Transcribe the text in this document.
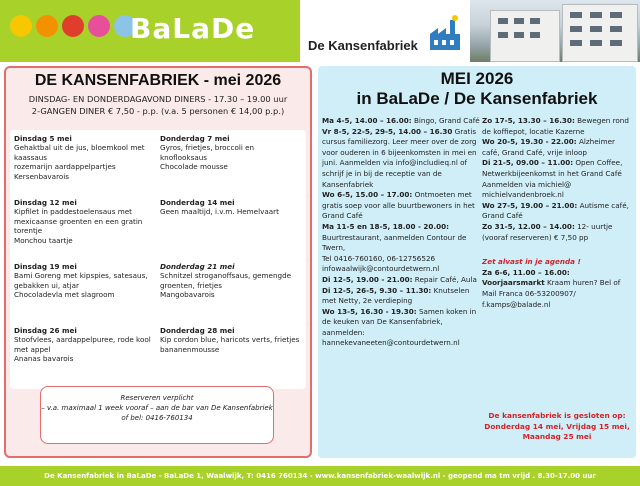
BaLaDe
De Kansenfabriek
DE KANSENFABRIEK - mei 2026
DINSDAG- EN DONDERDAGAVOND DINERS - 17.30 – 19.00 uur
2-GANGEN DINER € 7,50 - p.p. (v.a. 5 personen € 14,00 p.p.)
Dinsdag 5 mei
Gehaktbal uit de jus, bloemkool met kaassaus
rozemarijn aardappelpartjes
Kersenbavarois
Donderdag 7 mei
Gyros, frietjes, broccoli en knoflooksaus
Chocolade mousse
Dinsdag 12 mei
Kipfilet in paddestoelensaus met mexicaanse groenten en een gratin torentje
Monchou taartje
Donderdag 14 mei
Geen maaltijd, i.v.m. Hemelvaart
Dinsdag 19 mei
Bami Goreng met kipspies, satesaus, gebakken ui, atjar
Chocoladevla met slagroom
Donderdag 21 mei
Schnitzel stroganoffsaus, gemengde groenten, frietjes
Mangobavarois
Dinsdag 26 mei
Stoofvlees, aardappelpuree, rode kool met appel
Ananas bavarois
Donderdag 28 mei
Kip cordon blue, haricots verts, frietjes
bananenmousse
Reserveren verplicht
– v.a. maximaal 1 week vooraf – aan de bar van De Kansenfabriek
of bel: 0416-760134
MEI 2026
in BaLaDe / De Kansenfabriek
Ma 4-5, 14.00 – 16.00: Bingo, Grand Café
Vr 8-5, 22-5, 29-5, 14.00 – 16.30 Gratis cursus familiezorg. Leer meer over de zorg voor ouderen in 6 bijeenkomsten in mei en juni. Aanmelden via info@includieq.nl of schrijf je in bij de receptie van de Kansenfabriek
Wo 6-5, 15.00 – 17.00: Ontmoeten met gratis soep voor alle buurtbewoners in het Grand Café
Ma 11-5 en 18-5, 18.00 - 20.00: Buurtrestaurant, aanmelden Contour de Twern,
Tel 0416-760160, 06-12756526 infowaalwijk@contourdetwern.nl
Di 12-5, 19.00 - 21.00: Repair Café, Aula
Di 12-5, 26-5, 9.30 – 11.30: Knutselen met Netty, 2e verdieping
Wo 13-5, 16.30 - 19.30: Samen koken in de keuken van De Kansenfabriek, aanmelden: hannekevaneeten@contourdetwern.nl
Zo 17-5, 13.30 – 16.30: Bewegen rond de koffiepot, locatie Kazerne
Wo 20-5, 19.30 - 22.00: Alzheimer café, Grand Café, vrije inloop
Di 21-5, 09.00 – 11.00: Open Coffee, Netwerkbijeenkomst in het Grand Café Aanmelden via michiel@ michielvandenbroek.nl
Wo 27-5, 19.00 – 21.00: Autisme café, Grand Café
Zo 31-5, 12.00 – 14.00: 12- uurtje (vooraf reserveren) € 7,50 pp
Zet alvast in je agenda !
Za 6-6, 11.00 – 16.00:
Voorjaarsmarkt Kraam huren? Bel of Mail Franca 06-53200907/ f.kamps@balade.nl
De kansenfabriek is gesloten op: Donderdag 14 mei, Vrijdag 15 mei, Maandag 25 mei
De Kansenfabriek in BaLaDe - BaLaDe 1, Waalwijk, T: 0416 760134 - www.kansenfabriek-waalwijk.nl - geopend ma tm vrijd . 8.30-17.00 uur
